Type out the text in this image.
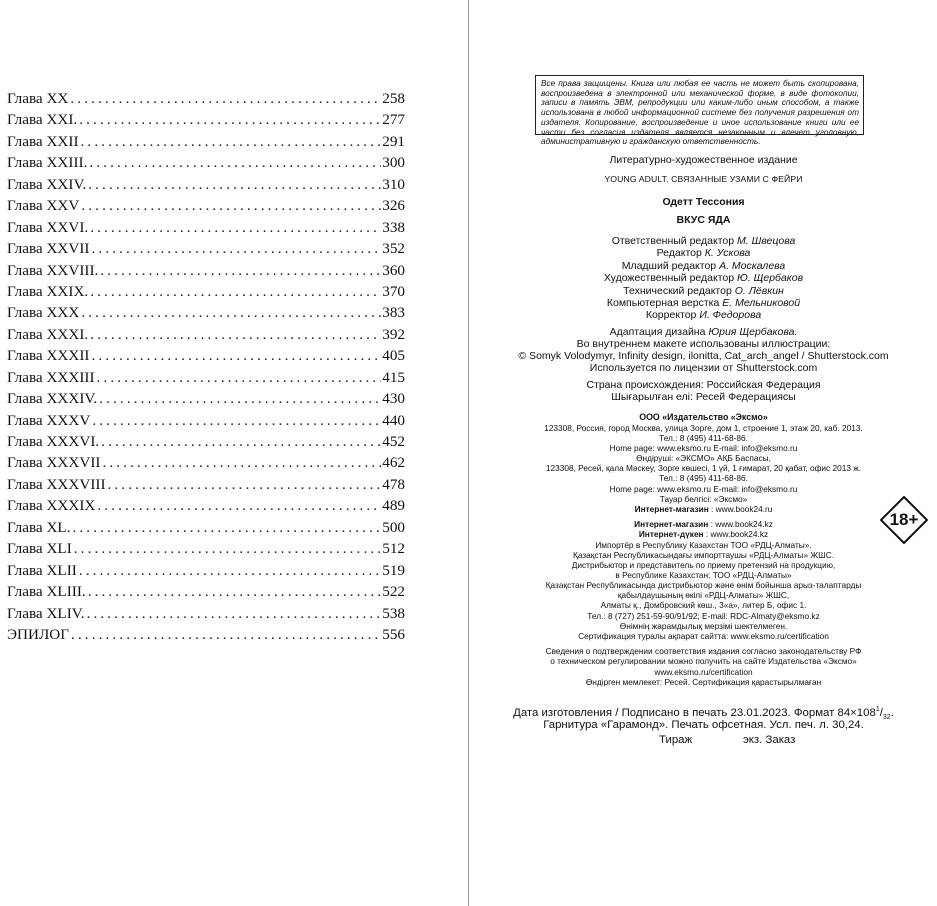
Глава XX .....	258
Глава XXI. .....	277
Глава XXII .....	291
Глава XXIII. .....	300
Глава XXIV. .....	310
Глава XXV .....	326
Глава XXVI. .....	338
Глава XXVII .....	352
Глава XXVIII. .....	360
Глава XXIX. .....	370
Глава XXX .....	383
Глава XXXI. .....	392
Глава XXXII .....	405
Глава XXXIII .....	415
Глава XXXIV. .....	430
Глава XXXV .....	440
Глава XXXVI. .....	452
Глава XXXVII .....	462
Глава XXXVIII .....	478
Глава XXXIX .....	489
Глава XL. .....	500
Глава XLI .....	512
Глава XLII .....	519
Глава XLIII. .....	522
Глава XLIV. .....	538
ЭПИЛОГ .....	556
Все права защищены. Книга или любая ее часть не может быть скопирована, воспроизведена в электронной или механической форме, в виде фотокопии, записи в память ЭВМ, репродукции или каким-либо иным способом, а также использована в любой информационной системе без получения разрешения от издателя. Копирование, воспроизведение и иное использование книги или ее части без согласия издателя является незаконным и влечет уголовную, административную и гражданскую ответственность.
Литературно-художественное издание
YOUNG ADULT. СВЯЗАННЫЕ УЗАМИ С ФЕЙРИ
Одетт Тессония
ВКУС ЯДА
Ответственный редактор М. Швецова
Редактор К. Ускова
Младший редактор А. Москалева
Художественный редактор Ю. Щербаков
Технический редактор О. Лёвкин
Компьютерная верстка Е. Мельниковой
Корректор И. Федорова
Адаптация дизайна Юрия Щербакова.
Во внутреннем макете использованы иллюстрации:
© Somyk Volodymyr, Infinity design, ilonitta, Cat_arch_angel / Shutterstock.com
Используется по лицензии от Shutterstock.com
Страна происхождения: Российская Федерация
Шығарылған елі: Ресей Федерациясы
ООО «Издательство «Эксмо»
123308, Россия, город Москва, улица Зорге, дом 1, строение 1, этаж 20, каб. 2013.
Тел.: 8 (495) 411-68-86.
Home page: www.eksmo.ru E-mail: info@eksmo.ru
Өндіруші: «ЭКСМО» АҚБ Баспасы,
123308, Ресей, қала Мәскеу, Зорге көшесі, 1 үй, 1 ғимарат, 20 қабат, офис 2013 ж.
Тел.: 8 (495) 411-68-86.
Home page: www.eksmo.ru E-mail: info@eksmo.ru
Тауар белгісі: «Эксмо»
Интернет-магазин : www.book24.ru
Интернет-магазин : www.book24.kz
Интернет-дүкен : www.book24.kz
Импортёр в Республику Казахстан ТОО «РДЦ-Алматы».
Қазақстан Республикасындағы импорттаушы «РДЦ-Алматы» ЖШС.
Дистрибьютор и представитель по приему претензий на продукцию,
в Республике Казахстан: ТОО «РДЦ-Алматы»
Қазақстан Республикасында дистрибьютор және өнім бойынша арыз-талаптарды
қабылдаушының өкілі «РДЦ-Алматы» ЖШС,
Алматы қ., Домбровский көш., 3«а», литер Б, офис 1.
Тел.: 8 (727) 251-59-90/91/92; E-mail: RDC-Almaty@eksmo.kz
Өнімнің жарамдылық мерзімі шектелмеген.
Сертификация туралы ақпарат сайтта: www.eksmo.ru/certification
Сведения о подтверждении соответствия издания согласно законодательству РФ
о техническом регулировании можно получить на сайте Издательства «Эксмо»
www.eksmo.ru/certification
Өндірген мемлекет: Ресей. Сертификация қарастырылмаған
18+
Дата изготовления / Подписано в печать 23.01.2023. Формат $84\times 108^1/_{32}$.
Гарнитура «Гарамонд». Печать офсетная. Усл. печ. л. 30,24.
Тираж	экз. Заказ
